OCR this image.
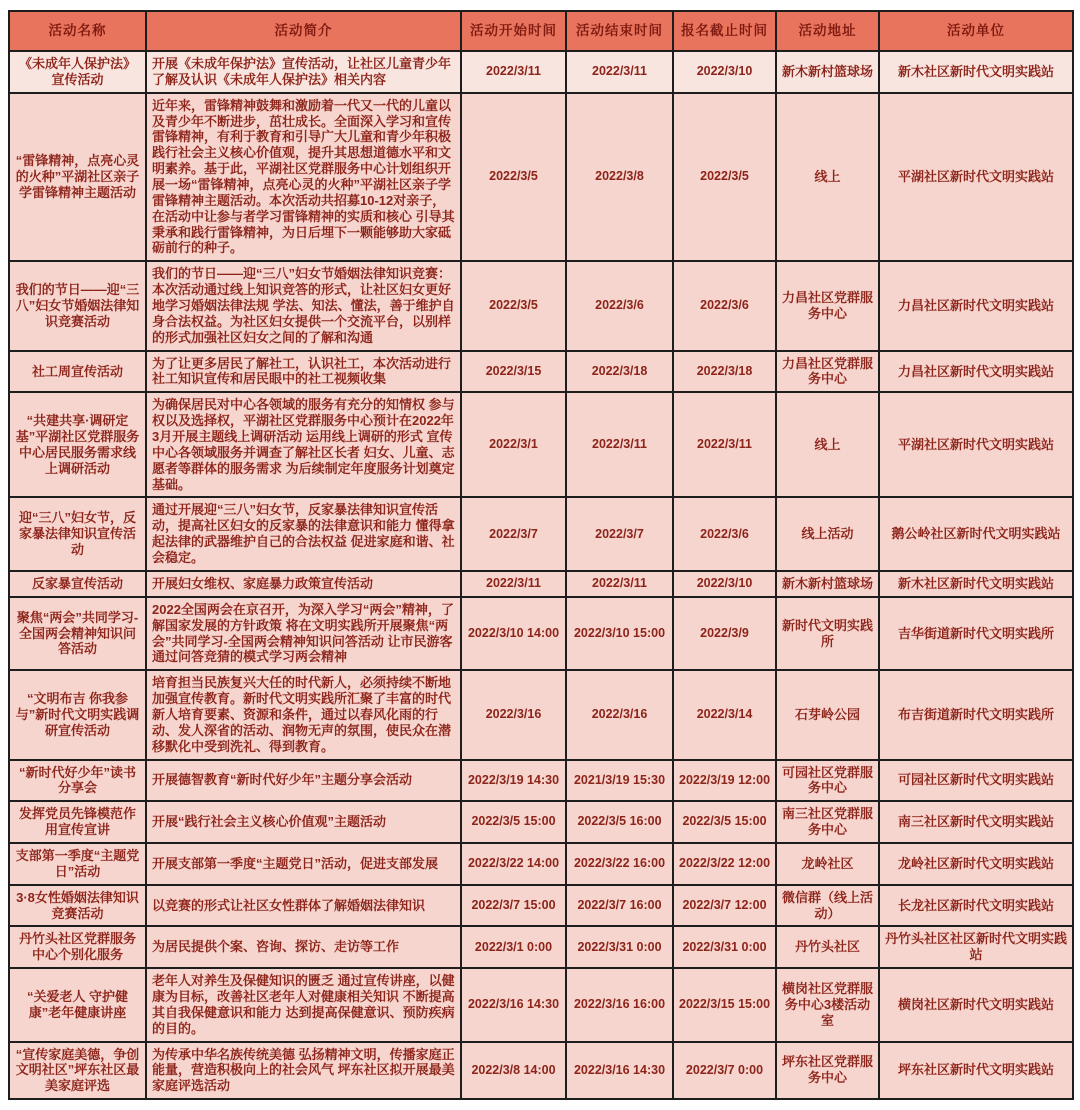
活动名称	活动简介	活动开始时间	活动结束时间	报名截止时间	活动地址	活动单位
《未成年人保护法》宣传活动	开展《未成年保护法》宣传活动，让社区儿童青少年了解及认识《未成年人保护法》相关内容	2022/3/11	2022/3/11	2022/3/10	新木新村篮球场	新木社区新时代文明实践站
“雷锋精神，点亮心灵的火种”平湖社区亲子学雷锋精神主题活动	近年来，雷锋精神鼓舞和激励着一代又一代的儿童以及青少年不断进步，茁壮成长。全面深入学习和宣传雷锋精神，有利于教育和引导广大儿童和青少年积极践行社会主义核心价值观，提升其思想道德水平和文明素养。基于此，平湖社区党群服务中心计划组织开展一场“雷锋精神，点亮心灵的火种”平湖社区亲子学雷锋精神主题活动。本次活动共招募10-12对亲子，在活动中让参与者学习雷锋精神的实质和核心 引导其秉承和践行雷锋精神，为日后埋下一颗能够助大家砥砺前行的种子。	2022/3/5	2022/3/8	2022/3/5	线上	平湖社区新时代文明实践站
我们的节日——迎“三八”妇女节婚姻法律知识竞赛活动	我们的节日——迎“三八”妇女节婚姻法律知识竞赛：本次活动通过线上知识竞答的形式，让社区妇女更好地学习婚姻法律法规 学法、知法、懂法，善于维护自身合法权益。为社区妇女提供一个交流平台，以别样的形式加强社区妇女之间的了解和沟通	2022/3/5	2022/3/6	2022/3/6	力昌社区党群服务中心	力昌社区新时代文明实践站
社工周宣传活动	为了让更多居民了解社工，认识社工，本次活动进行社工知识宣传和居民眼中的社工视频收集	2022/3/15	2022/3/18	2022/3/18	力昌社区党群服务中心	力昌社区新时代文明实践站
“共建共享·调研定基”平湖社区党群服务中心居民服务需求线上调研活动	为确保居民对中心各领域的服务有充分的知情权 参与权以及选择权，平湖社区党群服务中心预计在2022年3月开展主题线上调研活动 运用线上调研的形式 宣传中心各领域服务并调查了解社区长者 妇女、儿童、志愿者等群体的服务需求 为后续制定年度服务计划奠定基础。	2022/3/1	2022/3/11	2022/3/11	线上	平湖社区新时代文明实践站
迎“三八”妇女节，反家暴法律知识宣传活动	通过开展迎“三八”妇女节，反家暴法律知识宣传活动，提高社区妇女的反家暴的法律意识和能力 懂得拿起法律的武器维护自己的合法权益 促进家庭和谐、社会稳定。	2022/3/7	2022/3/7	2022/3/6	线上活动	鹅公岭社区新时代文明实践站
反家暴宣传活动	开展妇女维权、家庭暴力政策宣传活动	2022/3/11	2022/3/11	2022/3/10	新木新村篮球场	新木社区新时代文明实践站
聚焦“两会”共同学习-全国两会精神知识问答活动	2022全国两会在京召开，为深入学习“两会”精神，了解国家发展的方针政策 将在文明实践所开展聚焦“两会”共同学习-全国两会精神知识问答活动 让市民游客通过问答竞猜的模式学习两会精神	2022/3/10 14:00	2022/3/10 15:00	2022/3/9	新时代文明实践所	吉华街道新时代文明实践所
“文明布吉 你我参与”新时代文明实践调研宣传活动	培育担当民族复兴大任的时代新人，必须持续不断地加强宣传教育。新时代文明实践所汇聚了丰富的时代新人培育要素、资源和条件，通过以春风化雨的行动、发人深省的活动、润物无声的氛围，使民众在潜移默化中受到洗礼、得到教育。	2022/3/16	2022/3/16	2022/3/14	石芽岭公园	布吉街道新时代文明实践所
“新时代好少年”读书分享会	开展德智教育“新时代好少年”主题分享会活动	2022/3/19 14:30	2021/3/19 15:30	2022/3/19 12:00	可园社区党群服务中心	可园社区新时代文明实践站
发挥党员先锋模范作用宣传宣讲	开展“践行社会主义核心价值观”主题活动	2022/3/5 15:00	2022/3/5 16:00	2022/3/5 15:00	南三社区党群服务中心	南三社区新时代文明实践站
支部第一季度“主题党日”活动	开展支部第一季度“主题党日”活动，促进支部发展	2022/3/22 14:00	2022/3/22 16:00	2022/3/22 12:00	龙岭社区	龙岭社区新时代文明实践站
3·8女性婚姻法律知识竞赛活动	以竞赛的形式让社区女性群体了解婚姻法律知识	2022/3/7 15:00	2022/3/7 16:00	2022/3/7 12:00	微信群（线上活动）	长龙社区新时代文明实践站
丹竹头社区党群服务中心个别化服务	为居民提供个案、咨询、探访、走访等工作	2022/3/1 0:00	2022/3/31 0:00	2022/3/31 0:00	丹竹头社区	丹竹头社区社区新时代文明实践站
“关爱老人 守护健康”老年健康讲座	老年人对养生及保健知识的匮乏 通过宣传讲座，以健康为目标，改善社区老年人对健康相关知识 不断提高其自我保健意识和能力 达到提高保健意识、预防疾病的目的。	2022/3/16 14:30	2022/3/16 16:00	2022/3/15 15:00	横岗社区党群服务中心3楼活动室	横岗社区新时代文明实践站
“宣传家庭美德，争创文明社区”坪东社区最美家庭评选	为传承中华名族传统美德 弘扬精神文明，传播家庭正能量，营造积极向上的社会风气 坪东社区拟开展最美家庭评选活动	2022/3/8 14:00	2022/3/16 14:30	2022/3/7 0:00	坪东社区党群服务中心	坪东社区新时代文明实践站
